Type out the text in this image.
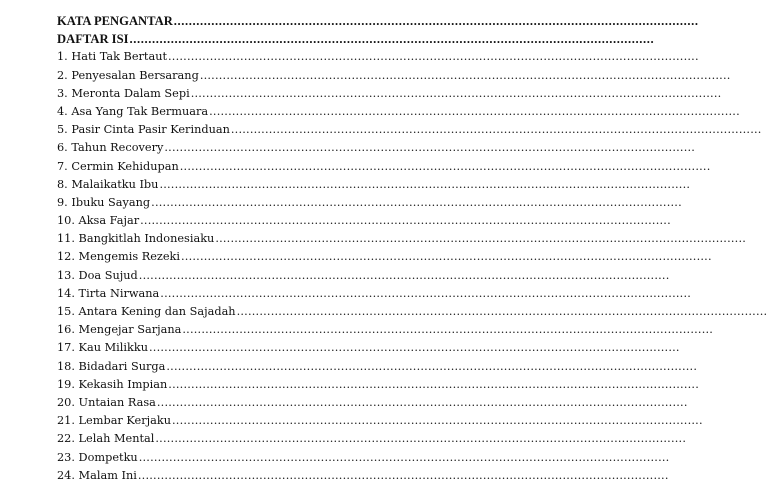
KATA PENGANTAR ............................................................................................................................................
DAFTAR ISI ............................................................................................................................................
1. Hati Tak Bertaut ............................................................................................................................................
2. Penyesalan Bersarang ............................................................................................................................................
3. Meronta Dalam Sepi ............................................................................................................................................
4. Asa Yang Tak Bermuara ............................................................................................................................................
5. Pasir Cinta Pasir Kerinduan ............................................................................................................................................
6. Tahun Recovery ............................................................................................................................................
7. Cermin Kehidupan ............................................................................................................................................
8. Malaikatku Ibu ............................................................................................................................................
9. Ibuku Sayang ............................................................................................................................................
10. Aksa Fajar ............................................................................................................................................
11. Bangkitlah Indonesiaku ............................................................................................................................................
12. Mengemis Rezeki ............................................................................................................................................
13. Doa Sujud ............................................................................................................................................
14. Tirta Nirwana ............................................................................................................................................
15. Antara Kening dan Sajadah ............................................................................................................................................
16. Mengejar Sarjana ............................................................................................................................................
17. Kau Milikku ............................................................................................................................................
18. Bidadari Surga ............................................................................................................................................
19. Kekasih Impian ............................................................................................................................................
20. Untaian Rasa ............................................................................................................................................
21. Lembar Kerjaku ............................................................................................................................................
22. Lelah Mental ............................................................................................................................................
23. Dompetku ............................................................................................................................................
24. Malam Ini ............................................................................................................................................
